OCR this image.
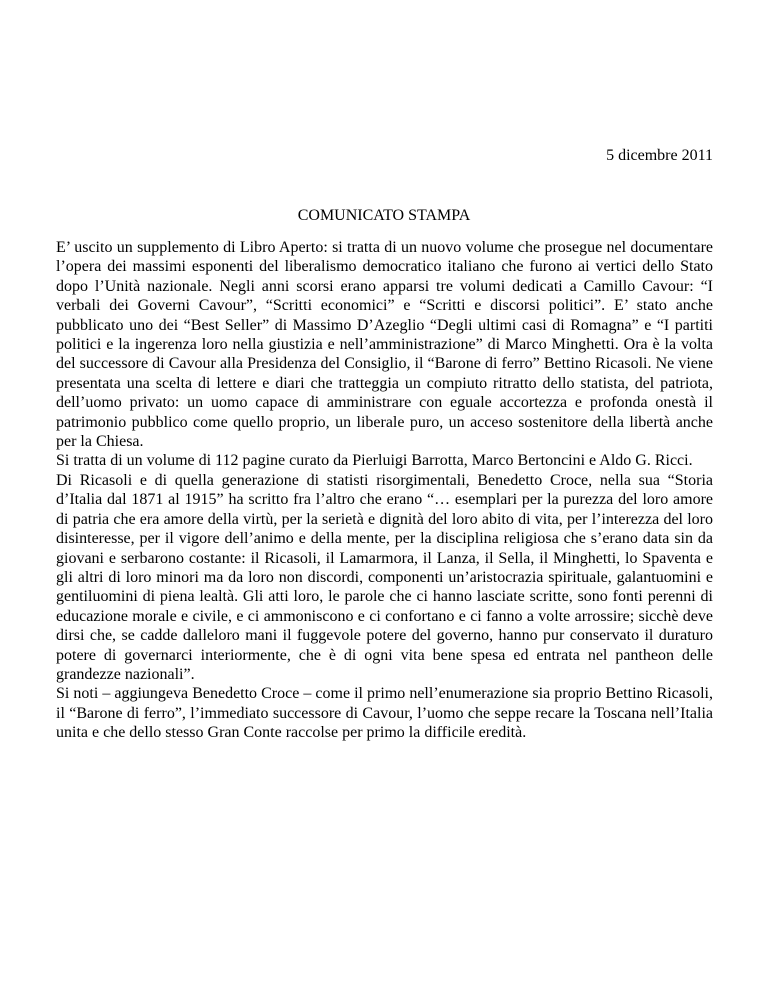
5 dicembre 2011
COMUNICATO STAMPA

E’ uscito un supplemento di Libro Aperto: si tratta di un nuovo volume che prosegue nel documentare l’opera dei massimi esponenti del liberalismo democratico italiano che furono ai vertici dello Stato dopo l’Unità nazionale. Negli anni scorsi erano apparsi tre volumi dedicati a Camillo Cavour: “I verbali dei Governi Cavour”, “Scritti economici” e “Scritti e discorsi politici”. E’ stato anche pubblicato uno dei “Best Seller” di Massimo D’Azeglio “Degli ultimi casi di Romagna” e “I partiti politici e la ingerenza loro nella giustizia e nell’amministrazione” di Marco Minghetti. Ora è la volta del successore di Cavour alla Presidenza del Consiglio, il “Barone di ferro” Bettino Ricasoli. Ne viene presentata una scelta di lettere e diari che tratteggia un compiuto ritratto dello statista, del patriota, dell’uomo privato: un uomo capace di amministrare con eguale accortezza e profonda onestà il patrimonio pubblico come quello proprio, un liberale puro, un acceso sostenitore della libertà anche per la Chiesa.

Si tratta di un volume di 112 pagine curato da Pierluigi Barrotta, Marco Bertoncini e Aldo G. Ricci.

Di Ricasoli e di quella generazione di statisti risorgimentali, Benedetto Croce, nella sua “Storia d’Italia dal 1871 al 1915” ha scritto fra l’altro che erano “… esemplari per la purezza del loro amore di patria che era amore della virtù, per la serietà e dignità del loro abito di vita, per l’interezza del loro disinteresse, per il vigore dell’animo e della mente, per la disciplina religiosa che s’erano data sin da giovani e serbarono costante: il Ricasoli, il Lamarmora, il Lanza, il Sella, il Minghetti, lo Spaventa e gli altri di loro minori ma da loro non discordi, componenti un’aristocrazia spirituale, galantuomini e gentiluomini di piena lealtà. Gli atti loro, le parole che ci hanno lasciate scritte, sono fonti perenni di educazione morale e civile, e ci ammoniscono e ci confortano e ci fanno a volte arrossire; sicchè deve dirsi che, se cadde dalleloro mani il fuggevole potere del governo, hanno pur conservato il duraturo potere di governarci interiormente, che è di ogni vita bene spesa ed entrata nel pantheon delle grandezze nazionali”.

Si noti – aggiungeva Benedetto Croce – come il primo nell’enumerazione sia proprio Bettino Ricasoli, il “Barone di ferro”, l’immediato successore di Cavour, l’uomo che seppe recare la Toscana nell’Italia unita e che dello stesso Gran Conte raccolse per primo la difficile eredità.
